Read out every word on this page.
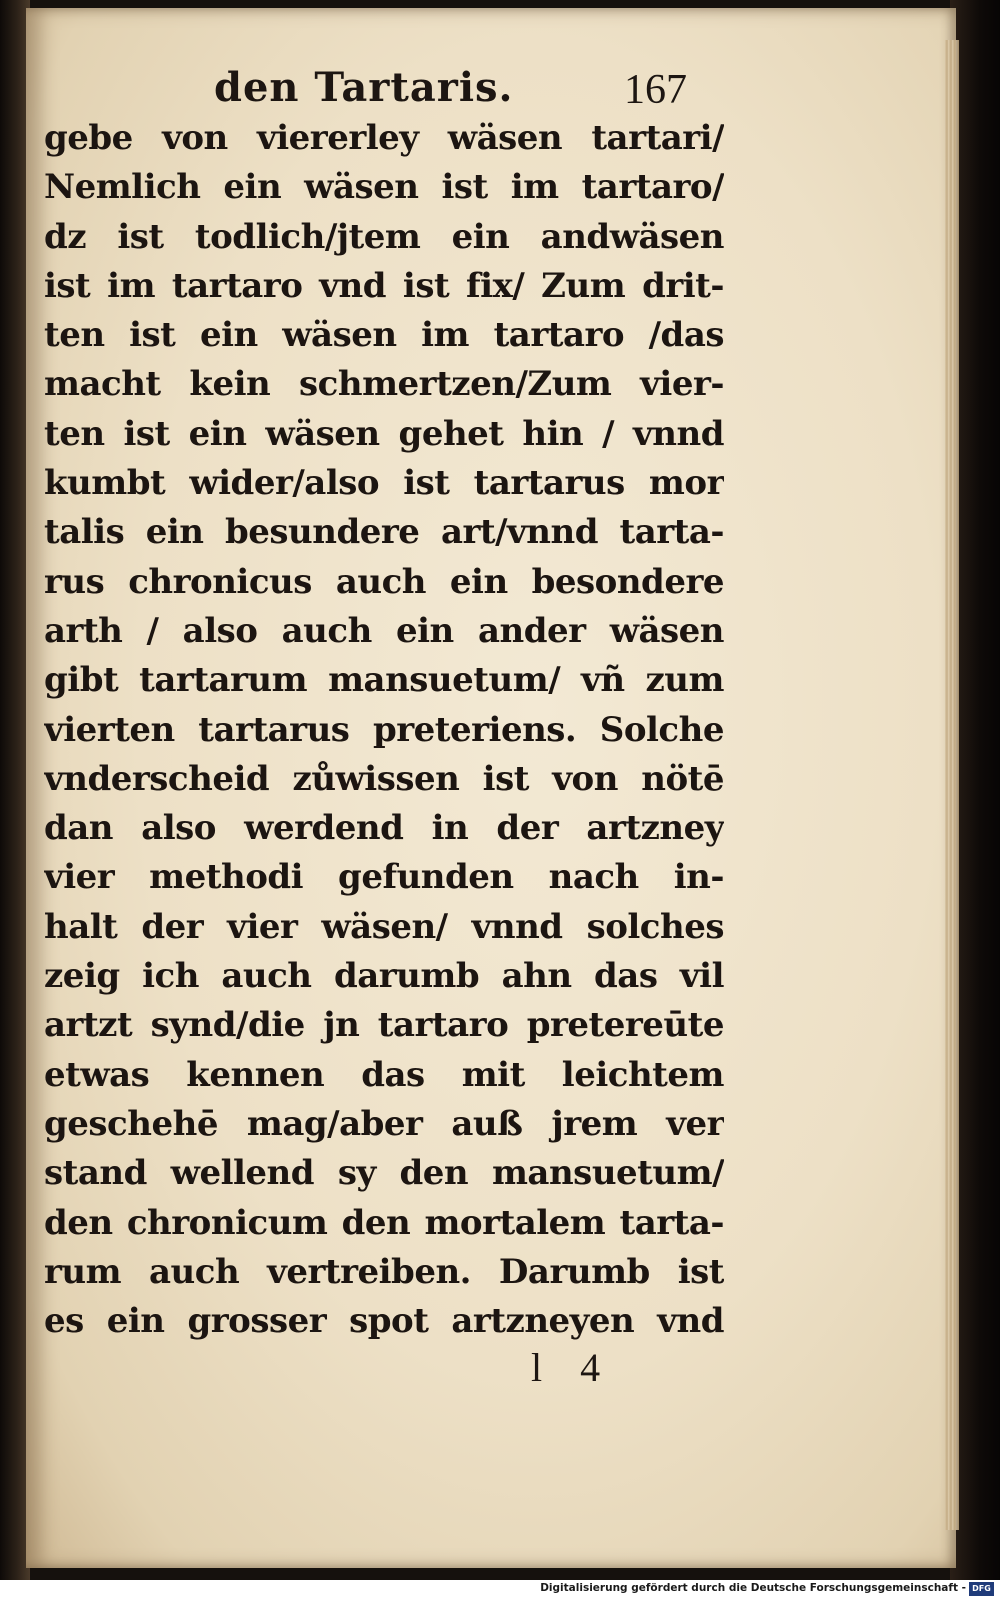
den Tartaris.	167
gebe von viererley wäsen tartari/
Nemlich ein wäsen ist im tartaro/
dz ist todlich/jtem ein andwäsen
ist im tartaro vnd ist fix/ Zum drit-
ten ist ein wäsen im tartaro /das
macht kein schmertzen/Zum vier-
ten ist ein wäsen gehet hin / vnnd
kumbt wider/also ist tartarus mor
talis ein besundere art/vnnd tarta-
rus chronicus auch ein besondere
arth / also auch ein ander wäsen
gibt tartarum mansuetum/ vñ zum
vierten tartarus preteriens. Solche
vnderscheid zůwissen ist von nötē
dan also werdend in der artzney
vier methodi gefunden nach in-
halt der vier wäsen/ vnnd solches
zeig ich auch darumb ahn das vil
artzt synd/die jn tartaro pretereūte
etwas kennen das mit leichtem
geschehē mag/aber auß jrem ver
stand wellend sy den mansuetum/
den chronicum den mortalem tarta-
rum auch vertreiben. Darumb ist
es ein grosser spot artzneyen vnd
l 4
Digitalisierung gefördert durch die Deutsche Forschungsgemeinschaft - DFG
